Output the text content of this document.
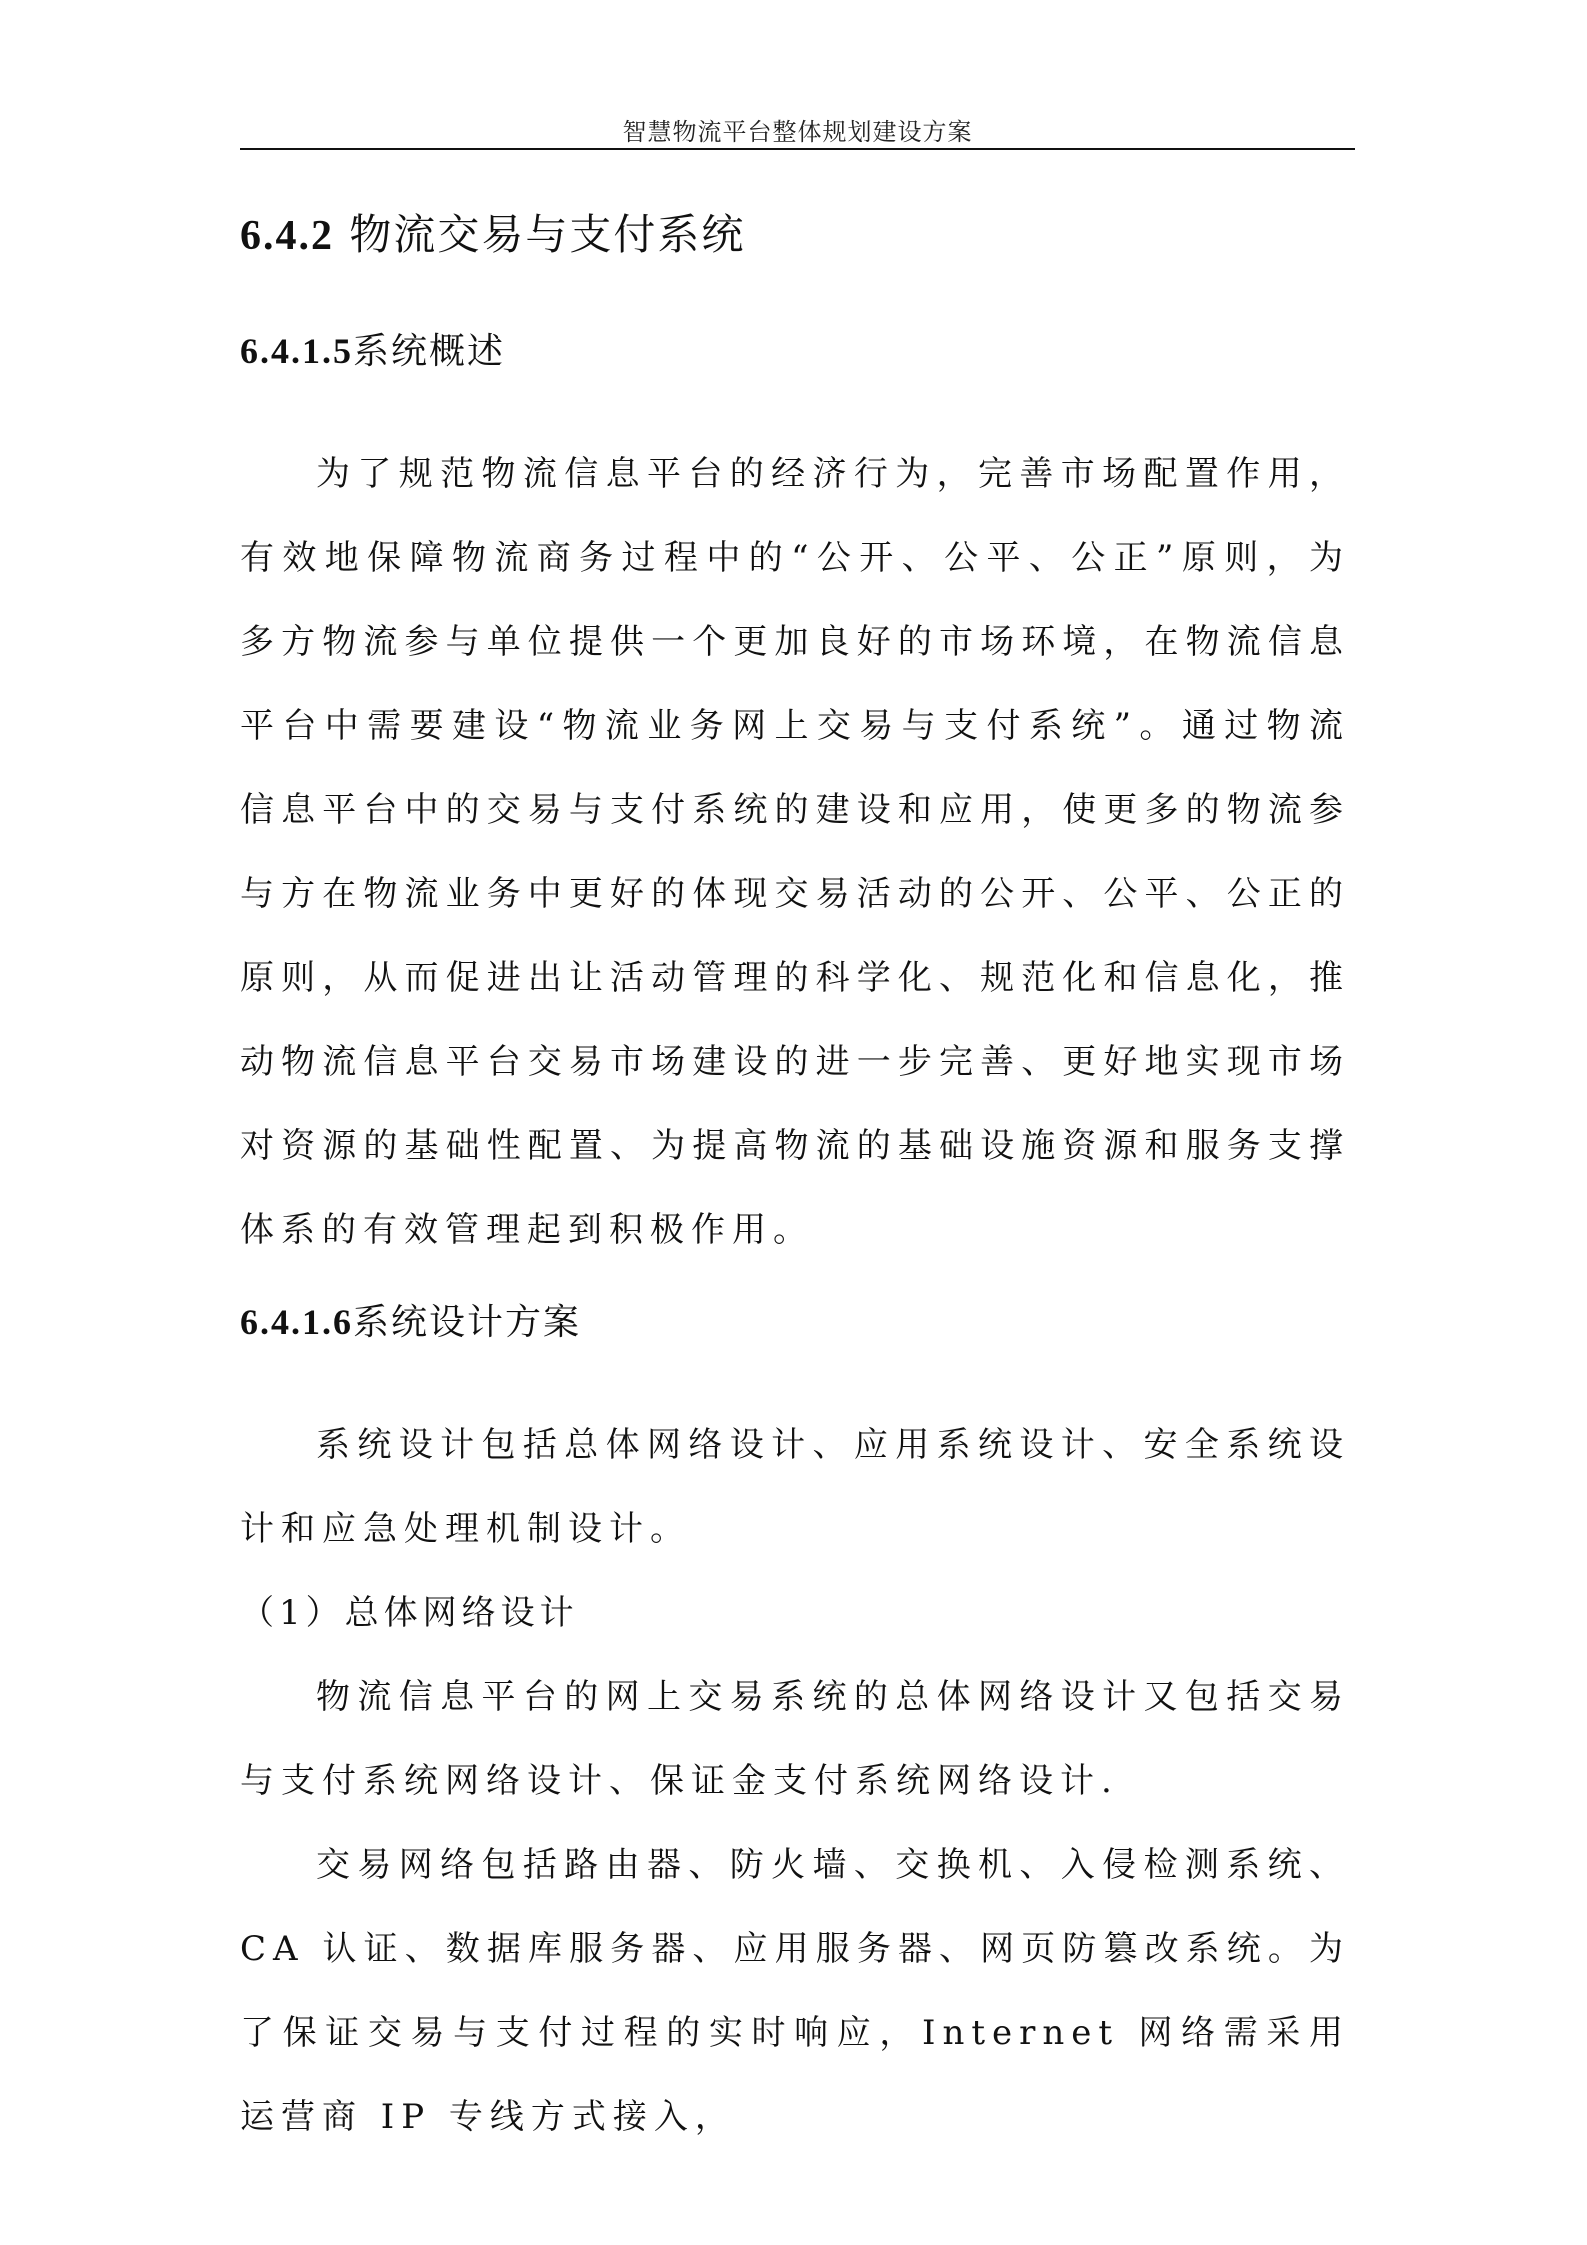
智慧物流平台整体规划建设方案
6.4.2 物流交易与支付系统
6.4.1.5系统概述

为了规范物流信息平台的经济行为，完善市场配置作用，有效地保障物流商务过程中的“公开、公平、公正”原则，为多方物流参与单位提供一个更加良好的市场环境，在物流信息平台中需要建设“物流业务网上交易与支付系统”。通过物流信息平台中的交易与支付系统的建设和应用，使更多的物流参与方在物流业务中更好的体现交易活动的公开、公平、公正的原则，从而促进出让活动管理的科学化、规范化和信息化，推动物流信息平台交易市场建设的进一步完善、更好地实现市场对资源的基础性配置、为提高物流的基础设施资源和服务支撑体系的有效管理起到积极作用。

6.4.1.6系统设计方案

系统设计包括总体网络设计、应用系统设计、安全系统设计和应急处理机制设计。

（1）总体网络设计

物流信息平台的网上交易系统的总体网络设计又包括交易与支付系统网络设计、保证金支付系统网络设计.

交易网络包括路由器、防火墙、交换机、入侵检测系统、CA 认证、数据库服务器、应用服务器、网页防篡改系统。为了保证交易与支付过程的实时响应，Internet 网络需采用运营商 IP 专线方式接入，
